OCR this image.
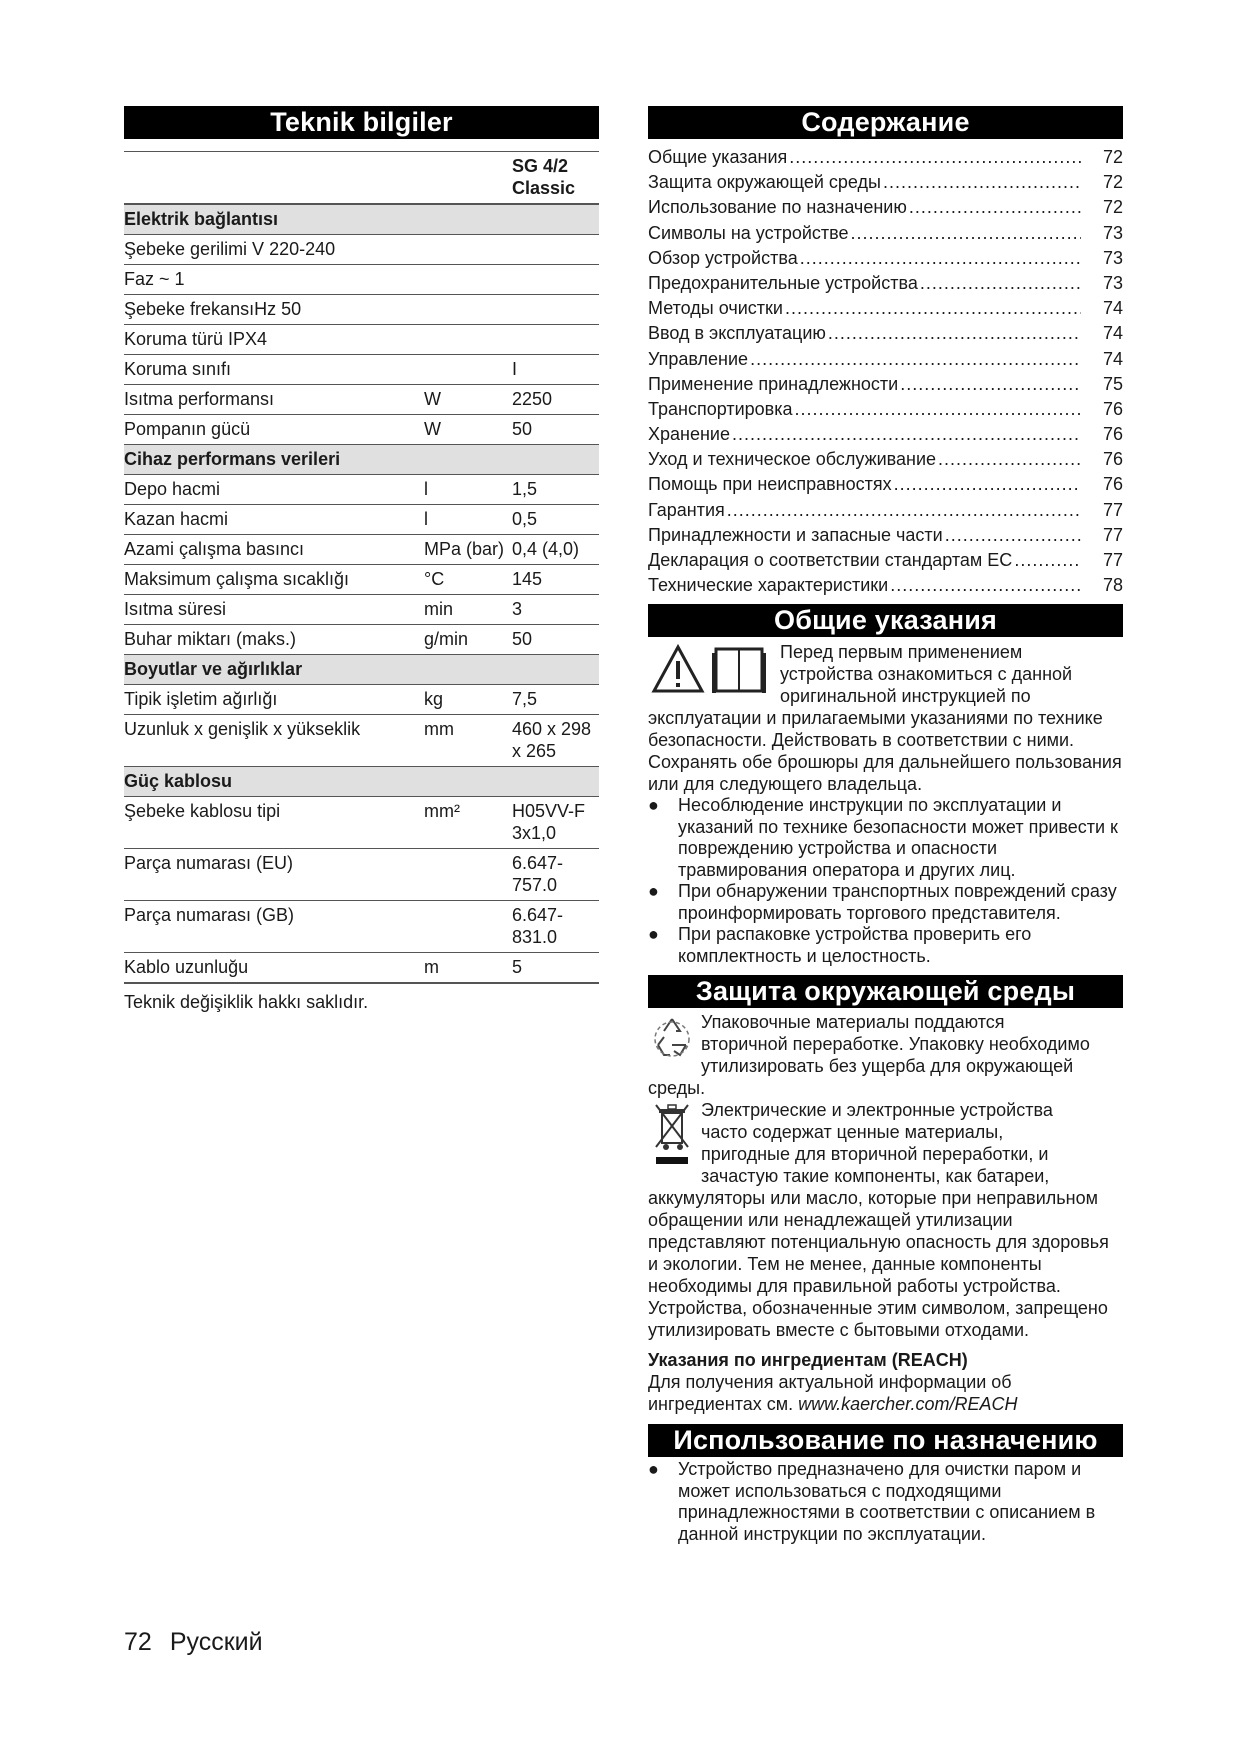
Teknik bilgiler
		SG 4/2 Classic
Elektrik bağlantısı		
Şebeke gerilimi V 220-240		
Faz ~ 1		
Şebeke frekansıHz 50		
Koruma türü IPX4		
Koruma sınıfı		I
Isıtma performansı	W	2250
Pompanın gücü	W	50
Cihaz performans verileri		
Depo hacmi	l	1,5
Kazan hacmi	l	0,5
Azami çalışma basıncı	MPa (bar)	0,4 (4,0)
Maksimum çalışma sıcaklığı	°C	145
Isıtma süresi	min	3
Buhar miktarı (maks.)	g/min	50
Boyutlar ve ağırlıklar		
Tipik işletim ağırlığı	kg	7,5
Uzunluk x genişlik x yükseklik	mm	460 x 298 x 265
Güç kablosu		
Şebeke kablosu tipi	mm²	H05VV-F 3x1,0
Parça numarası (EU)		6.647-757.0
Parça numarası (GB)		6.647-831.0
Kablo uzunluğu	m	5
Teknik değişiklik hakkı saklıdır.
Содержание
Общие указания .....	72
Защита окружающей среды .....	72
Использование по назначению .....	72
Символы на устройстве .....	73
Обзор устройства .....	73
Предохранительные устройства .....	73
Методы очистки .....	74
Ввод в эксплуатацию .....	74
Управление .....	74
Применение принадлежности .....	75
Транспортировка .....	76
Хранение .....	76
Уход и техническое обслуживание .....	76
Помощь при неисправностях .....	76
Гарантия .....	77
Принадлежности и запасные части .....	77
Декларация о соответствии стандартам ЕС .....	77
Технические характеристики .....	78
Общие указания

Перед первым применением

устройства ознакомиться с данной

оригинальной инструкцией по

эксплуатации и прилагаемыми указаниями по технике безопасности. Действовать в соответствии с ними.

Сохранять обе брошюры для дальнейшего пользования или для следующего владельца.

● Несоблюдение инструкции по эксплуатации и указаний по технике безопасности может привести к повреждению устройства и опасности травмирования оператора и других лиц.
● При обнаружении транспортных повреждений сразу проинформировать торгового представителя.
● При распаковке устройства проверить его комплектность и целостность.
Защита окружающей среды

Упаковочные материалы поддаются

вторичной переработке. Упаковку необходимо

утилизировать без ущерба для окружающей

среды.

Электрические и электронные устройства

часто содержат ценные материалы,

пригодные для вторичной переработки, и

зачастую такие компоненты, как батареи,

аккумуляторы или масло, которые при неправильном обращении или ненадлежащей утилизации представляют потенциальную опасность для здоровья и экологии. Тем не менее, данные компоненты необходимы для правильной работы устройства. Устройства, обозначенные этим символом, запрещено утилизировать вместе с бытовыми отходами.

Указания по ингредиентам (REACH)

Для получения актуальной информации об ингредиентах см. www.kaercher.com/REACH

Использование по назначению
● Устройство предназначено для очистки паром и может использоваться с подходящими принадлежностями в соответствии с описанием в данной инструкции по эксплуатации.
72 Русский
